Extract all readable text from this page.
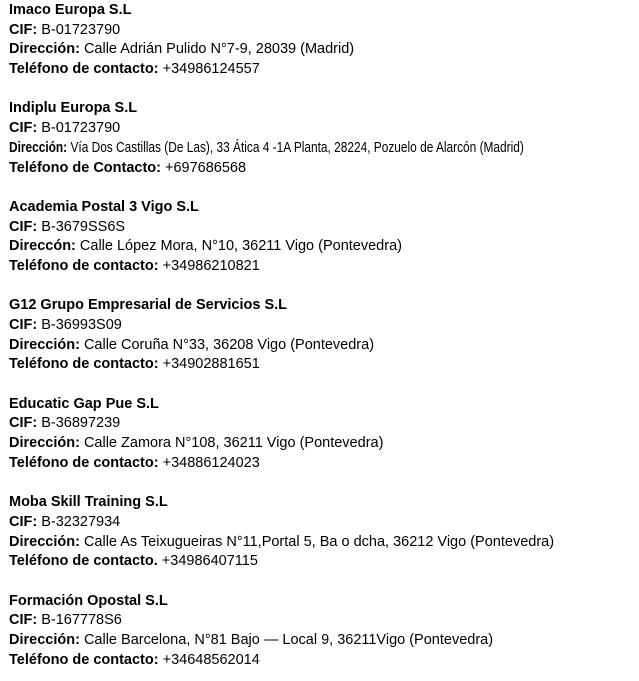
Imaco Europa S.L
CIF: B-01723790
Dirección: Calle Adrián Pulido N°7-9, 28039 (Madrid)
Teléfono de contacto: +34986124557
Indiplu Europa S.L
CIF: B-01723790
Dirección: Vía Dos Castillas (De Las), 33 Ática 4 -1A Planta, 28224, Pozuelo de Alarcón (Madrid)
Teléfono de Contacto: +697686568
Academia Postal 3 Vigo S.L
CIF: B-3679SS6S
Direccón: Calle López Mora, N°10, 36211 Vigo (Pontevedra)
Teléfono de contacto: +34986210821
G12 Grupo Empresarial de Servicios S.L
CIF: B-36993S09
Dirección: Calle Coruña N°33, 36208 Vigo (Pontevedra)
Teléfono de contacto: +34902881651
Educatic Gap Pue S.L
CIF: B-36897239
Dirección: Calle Zamora N°108, 36211 Vigo (Pontevedra)
Teléfono de contacto: +34886124023
Moba Skill Training S.L
CIF: B-32327934
Dirección: Calle As Teixugueiras N°11,Portal 5, Ba o dcha, 36212 Vigo (Pontevedra)
Teléfono de contacto. +34986407115
Formación Opostal S.L
CIF: B-167778S6
Dirección: Calle Barcelona, N°81 Bajo — Local 9, 36211Vigo (Pontevedra)
Teléfono de contacto: +34648562014
